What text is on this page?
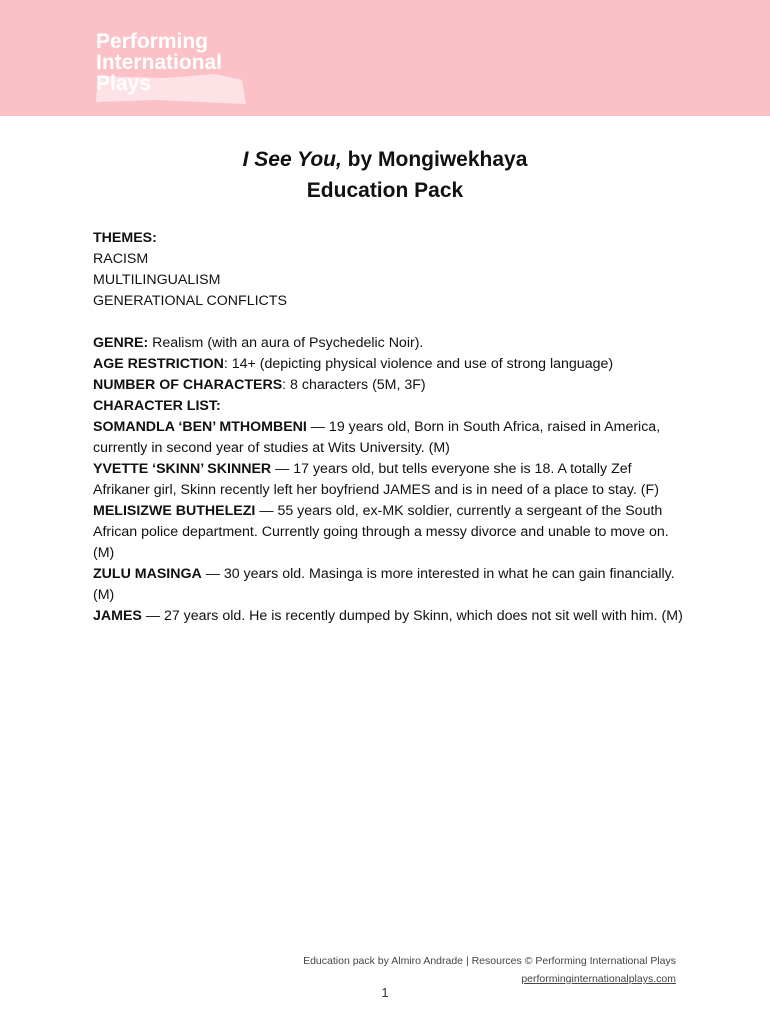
Performing
International
Plays
I See You, by Mongiwekhaya
Education Pack

THEMES:

RACISM

MULTILINGUALISM

GENERATIONAL CONFLICTS

GENRE: Realism (with an aura of Psychedelic Noir).

AGE RESTRICTION: 14+ (depicting physical violence and use of strong language)

NUMBER OF CHARACTERS: 8 characters (5M, 3F)

CHARACTER LIST:

SOMANDLA ‘BEN’ MTHOMBENI — 19 years old, Born in South Africa, raised in America, currently in second year of studies at Wits University. (M)

YVETTE ‘SKINN’ SKINNER — 17 years old, but tells everyone she is 18. A totally Zef Afrikaner girl, Skinn recently left her boyfriend JAMES and is in need of a place to stay. (F)

MELISIZWE BUTHELEZI — 55 years old, ex-MK soldier, currently a sergeant of the South African police department. Currently going through a messy divorce and unable to move on. (M)

ZULU MASINGA — 30 years old. Masinga is more interested in what he can gain financially. (M)

JAMES — 27 years old. He is recently dumped by Skinn, which does not sit well with him. (M)

Education pack by Almiro Andrade | Resources © Performing International Plays
performinginternationalplays.com
1
